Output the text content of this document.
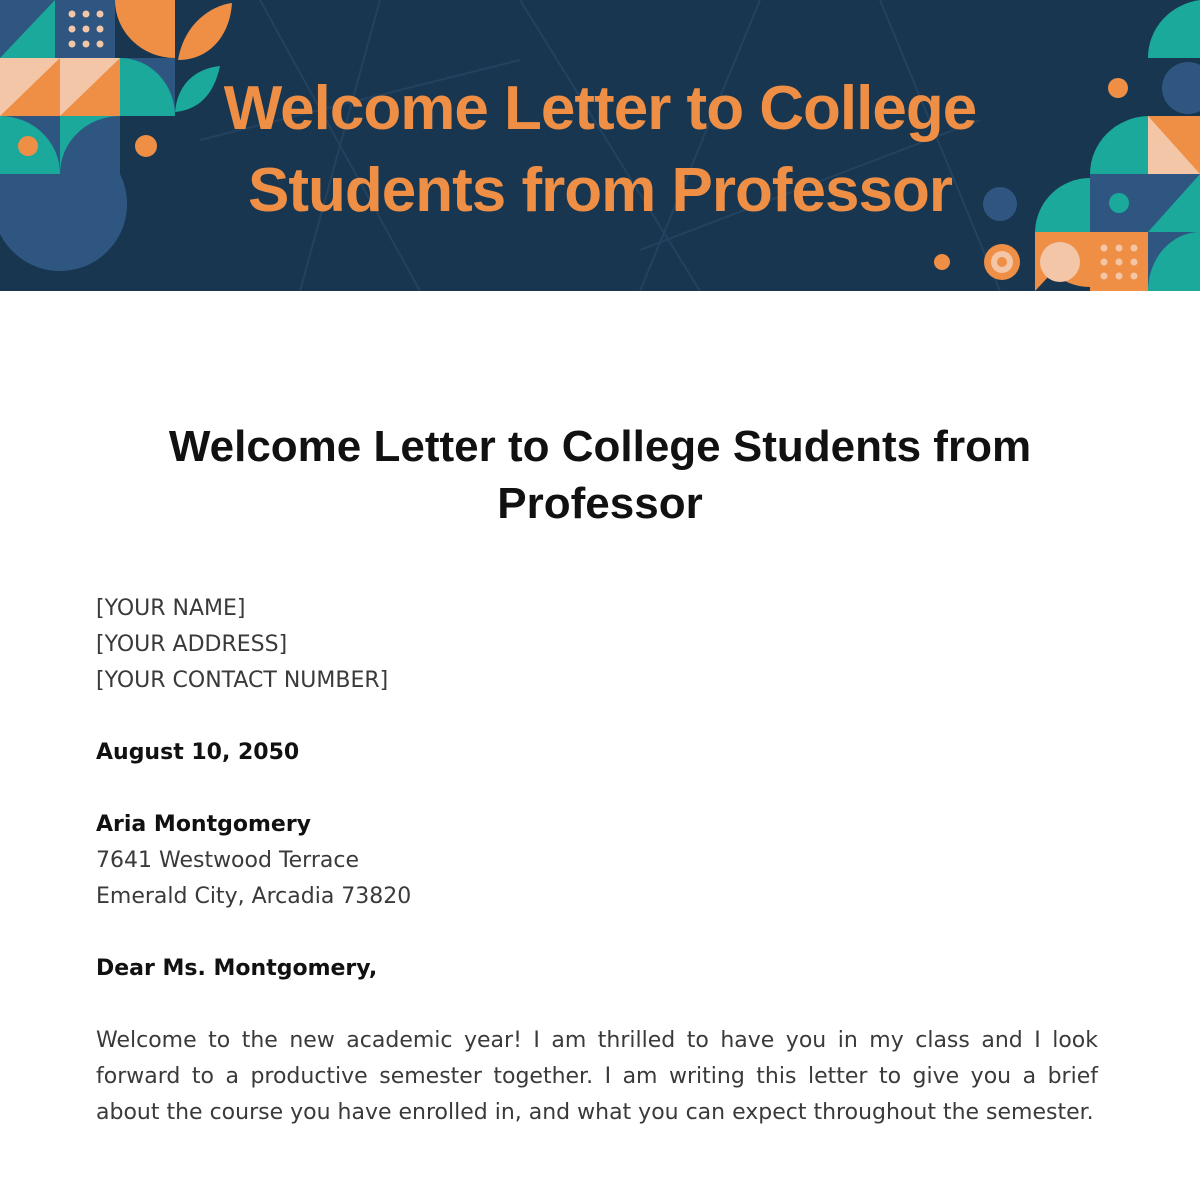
Welcome Letter to College
Students from Professor
Welcome Letter to College Students from
Professor
[YOUR NAME]
[YOUR ADDRESS]
[YOUR CONTACT NUMBER]
August 10, 2050
Aria Montgomery
7641 Westwood Terrace
Emerald City, Arcadia 73820
Dear Ms. Montgomery,
Welcome to the new academic year! I am thrilled to have you in my class and I look forward to a productive semester together. I am writing this letter to give you a brief about the course you have enrolled in, and what you can expect throughout the semester.
